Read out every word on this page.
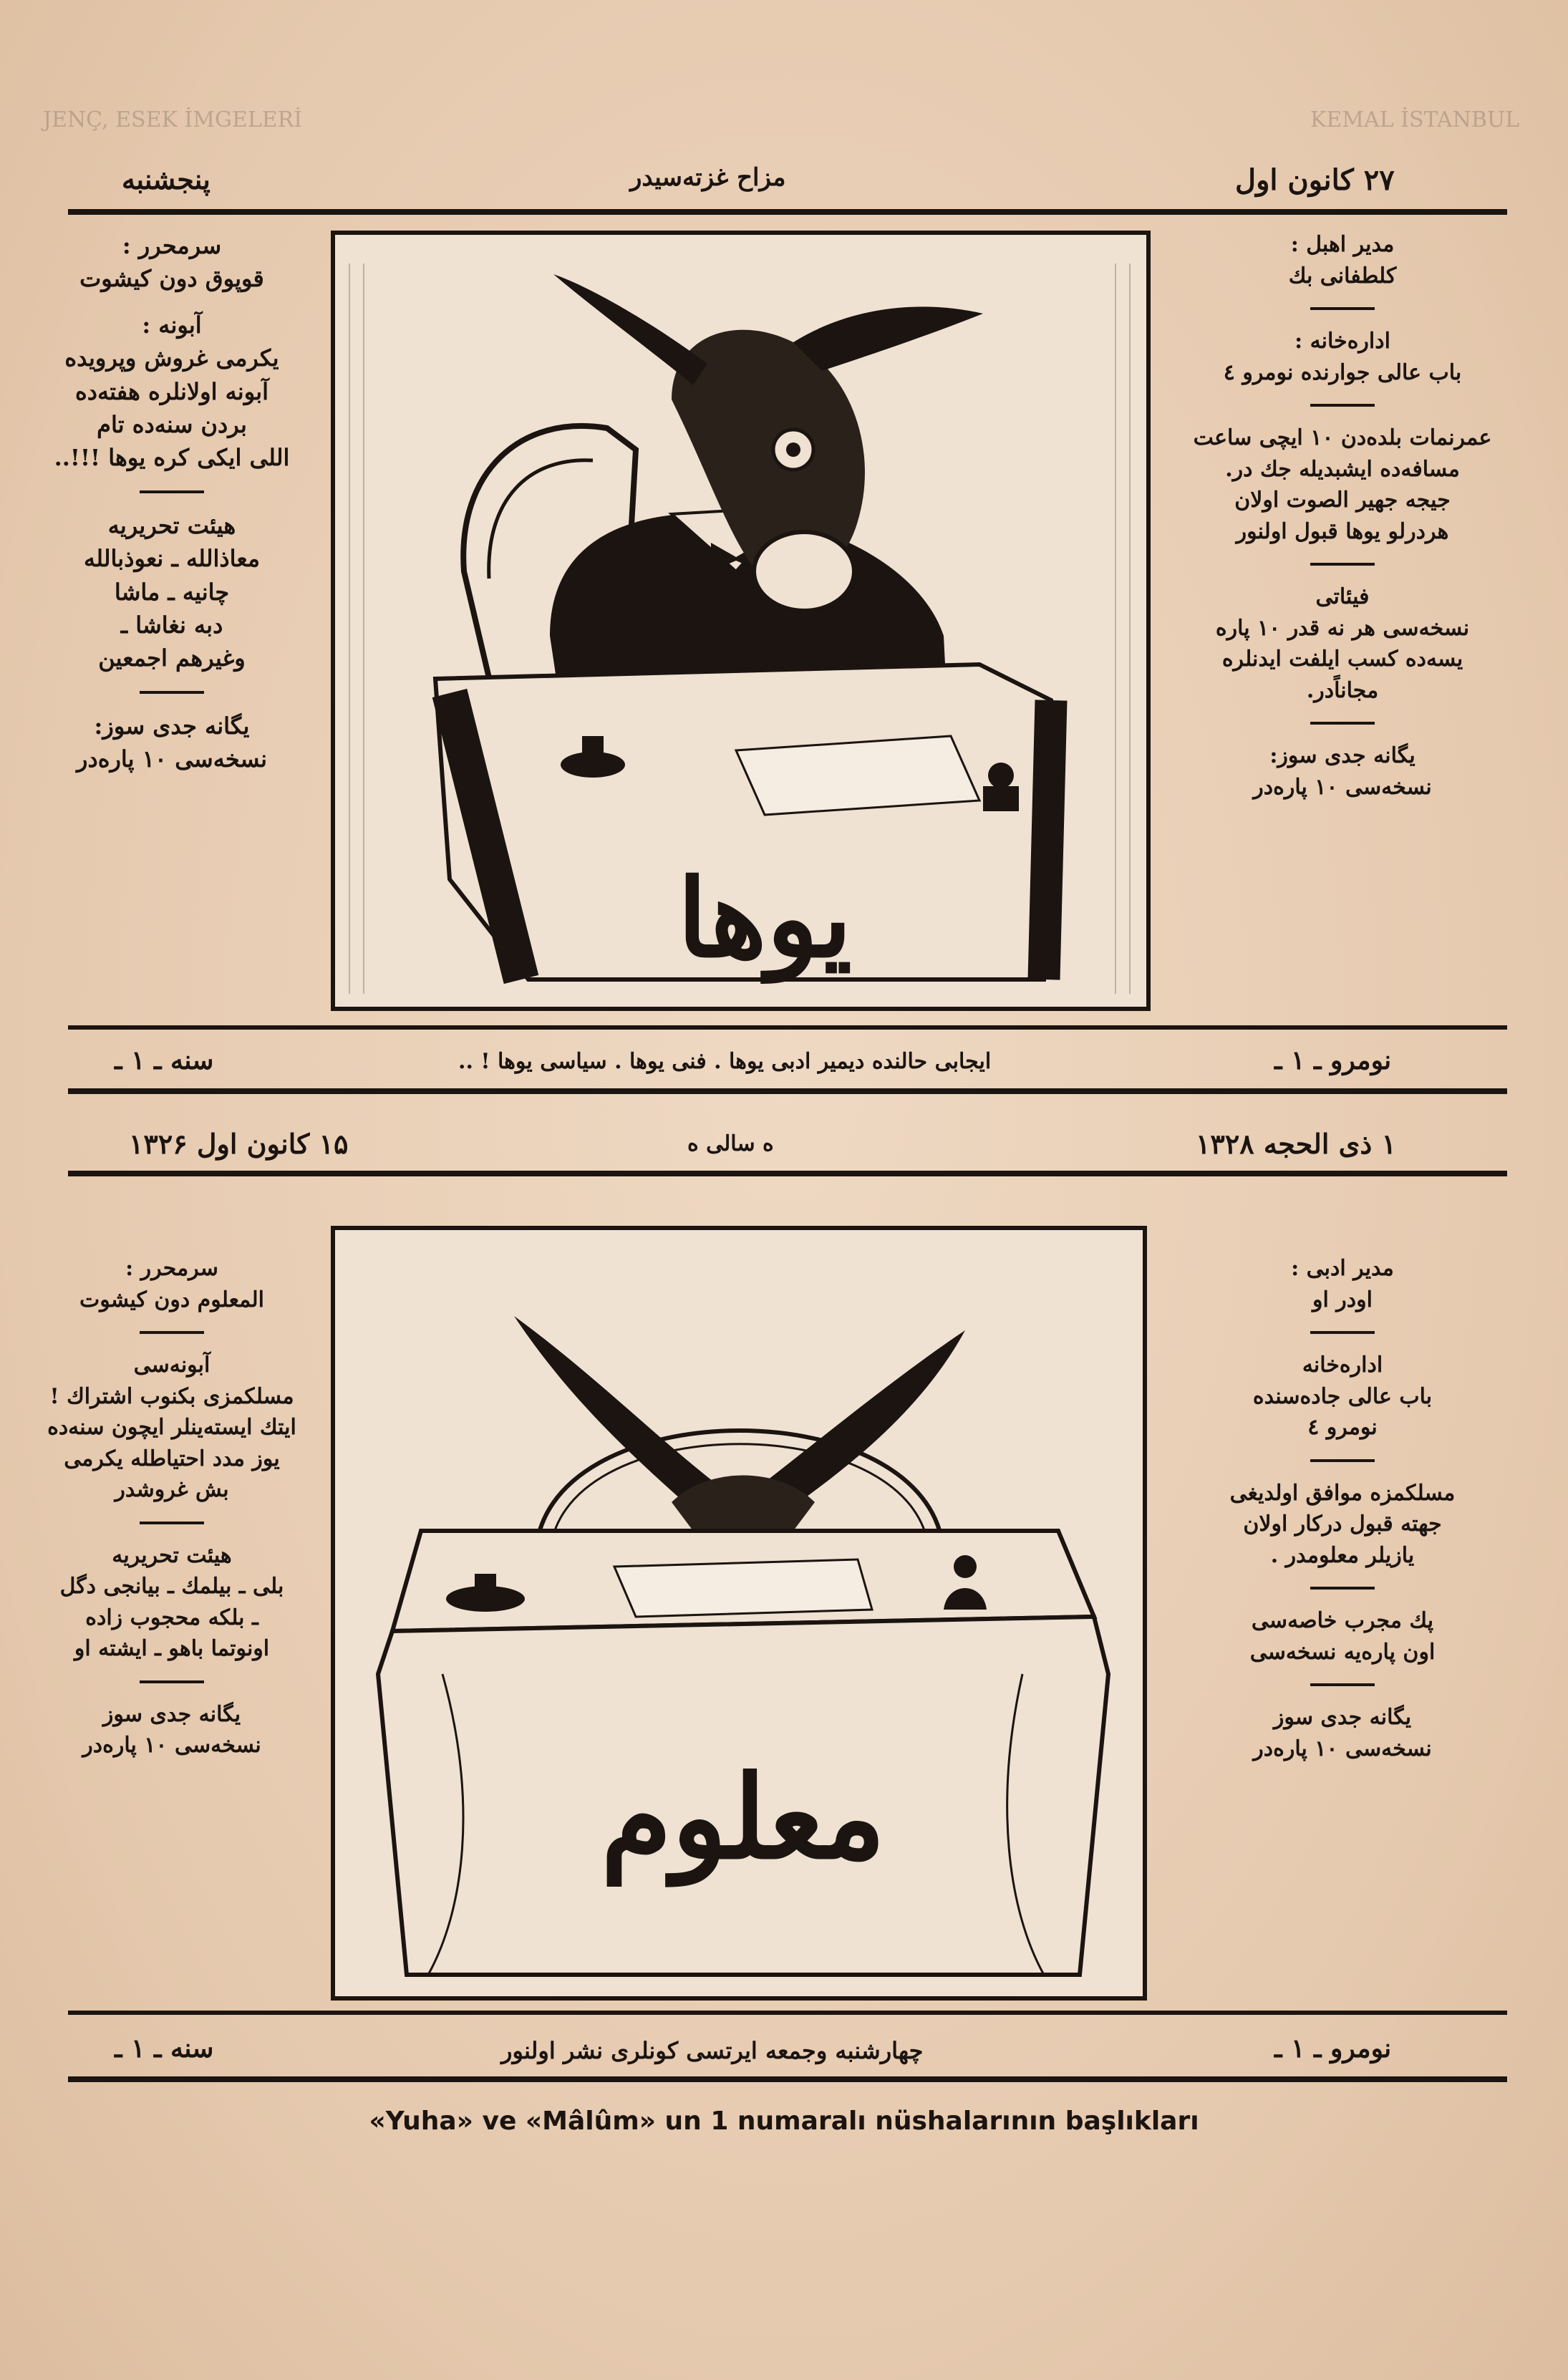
JENÇ, ESEK İMGELERİ	KEMAL İSTANBUL
۲۷ كانون اول
مزاح غزته‌سیدر
پنجشنبه
سرمحرر :
قوپوق دون كیشوت
آبونه :
یكرمی غروش وپرویده
آبونه اولانلره هفته‌ده
بردن سنه‌ده تام
اللی ایكی كره یوها !!!..
هیئت تحریریه
معاذالله ـ نعوذبالله
چانیه ـ ماشا
دبه نغاشا ـ
وغیرهم اجمعین
یگانه جدی سوز:
نسخه‌سی ۱۰ پاره‌در
مدیر اهبل :
كلطفانی بك
اداره‌خانه :
باب عالی جوارنده نومرو ٤
عمرنمات بلده‌دن ۱۰ ایچی ساعت
مسافه‌ده ایشبدیله جك در.
جیجه جهیر الصوت اولان
هردرلو یوها قبول اولنور
فیئاتی
نسخه‌سی هر نه قدر ۱۰ پاره
یسه‌ده كسب ایلفت ایدنلره
مجاناًدر.
یگانه جدی سوز:
نسخه‌سی ۱۰ پاره‌در
یوها
نومرو ـ ۱ ـ
ایجابی حالنده دیمیر ادبی یوها . فنی یوها . سیاسی یوها ! ..
سنه ـ ۱ ـ
۱ ذی الحجه ۱۳۲۸
ه سالی ه
۱۵ كانون اول ۱۳۲۶
سرمحرر :
المعلوم دون كیشوت
آبونه‌سی
مسلكمزی بكنوب اشتراك !
ایتك ایسته‌ینلر ایچون سنه‌ده
یوز مدد احتیاطله یكرمی
بش غروشدر
هیئت تحریریه
بلی ـ بیلمك ـ بیانجی دگل
ـ بلكه محجوب زاده
اونوتما باهو ـ ایشته او
یگانه جدی سوز
نسخه‌سی ۱۰ پاره‌در
مدیر ادبی :
اودر او
اداره‌خانه
باب عالی جاده‌سنده
نومرو ٤
مسلكمزه موافق اولدیغی
جهته قبول دركار اولان
یازیلر معلومدر .
پك مجرب خاصه‌سی
اون پاره‌یه نسخه‌سی
یگانه جدی سوز
نسخه‌سی ۱۰ پاره‌در
معلوم
نومرو ـ ۱ ـ
چهارشنبه وجمعه ایرتسی كونلری نشر اولنور
سنه ـ ۱ ـ
«Yuha» ve «Mâlûm» un 1 numaralı nüshalarının başlıkları
